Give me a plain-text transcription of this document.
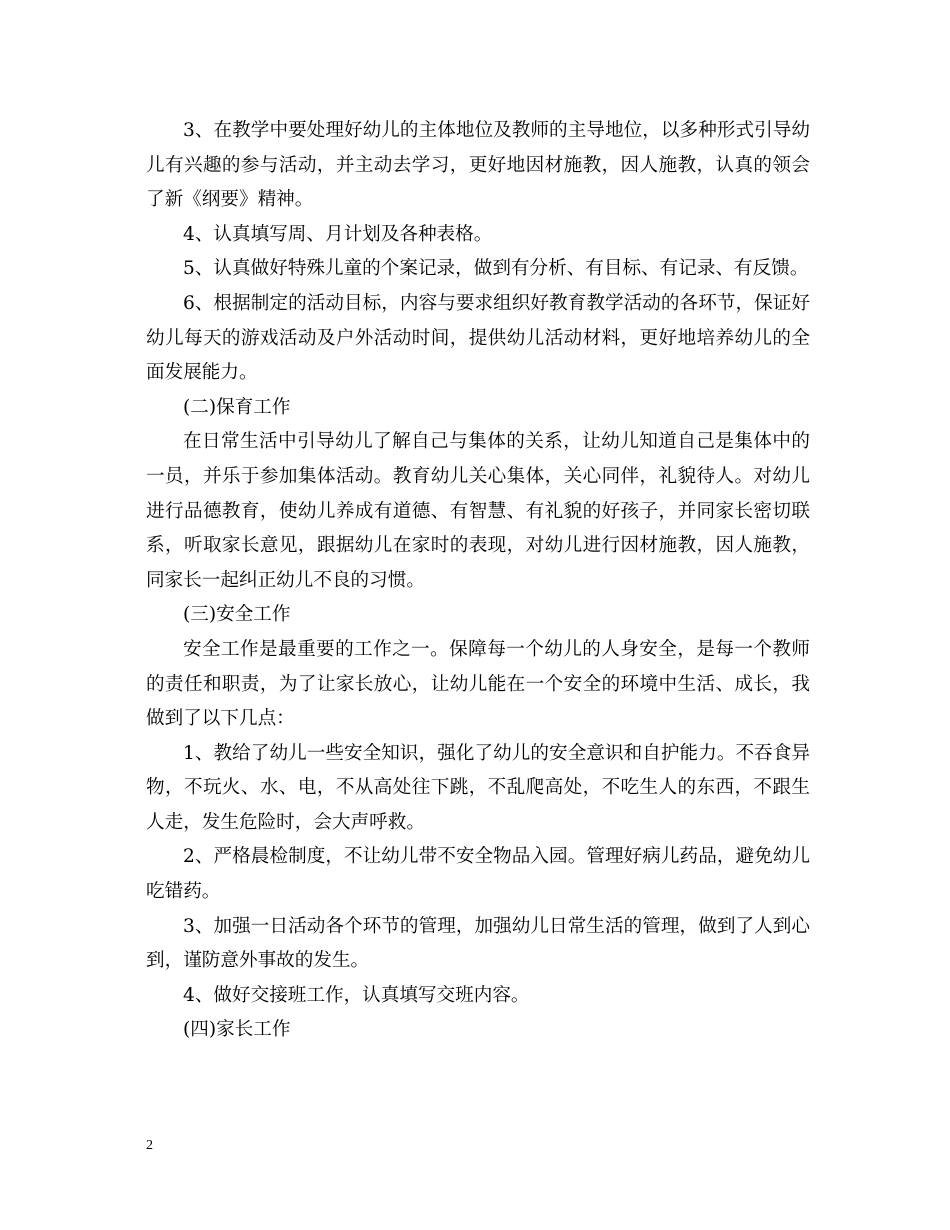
3、在教学中要处理好幼儿的主体地位及教师的主导地位，以多种形式引导幼儿有兴趣的参与活动，并主动去学习，更好地因材施教，因人施教，认真的领会了新《纲要》精神。

4、认真填写周、月计划及各种表格。

5、认真做好特殊儿童的个案记录，做到有分析、有目标、有记录、有反馈。

6、根据制定的活动目标，内容与要求组织好教育教学活动的各环节，保证好幼儿每天的游戏活动及户外活动时间，提供幼儿活动材料，更好地培养幼儿的全面发展能力。

(二)保育工作

在日常生活中引导幼儿了解自己与集体的关系，让幼儿知道自己是集体中的一员，并乐于参加集体活动。教育幼儿关心集体，关心同伴，礼貌待人。对幼儿进行品德教育，使幼儿养成有道德、有智慧、有礼貌的好孩子，并同家长密切联系，听取家长意见，跟据幼儿在家时的表现，对幼儿进行因材施教，因人施教，同家长一起纠正幼儿不良的习惯。

(三)安全工作

安全工作是最重要的工作之一。保障每一个幼儿的人身安全，是每一个教师的责任和职责，为了让家长放心，让幼儿能在一个安全的环境中生活、成长，我做到了以下几点：

1、教给了幼儿一些安全知识，强化了幼儿的安全意识和自护能力。不吞食异物，不玩火、水、电，不从高处往下跳，不乱爬高处，不吃生人的东西，不跟生人走，发生危险时，会大声呼救。

2、严格晨检制度，不让幼儿带不安全物品入园。管理好病儿药品，避免幼儿吃错药。

3、加强一日活动各个环节的管理，加强幼儿日常生活的管理，做到了人到心到，谨防意外事故的发生。

4、做好交接班工作，认真填写交班内容。

(四)家长工作

2
